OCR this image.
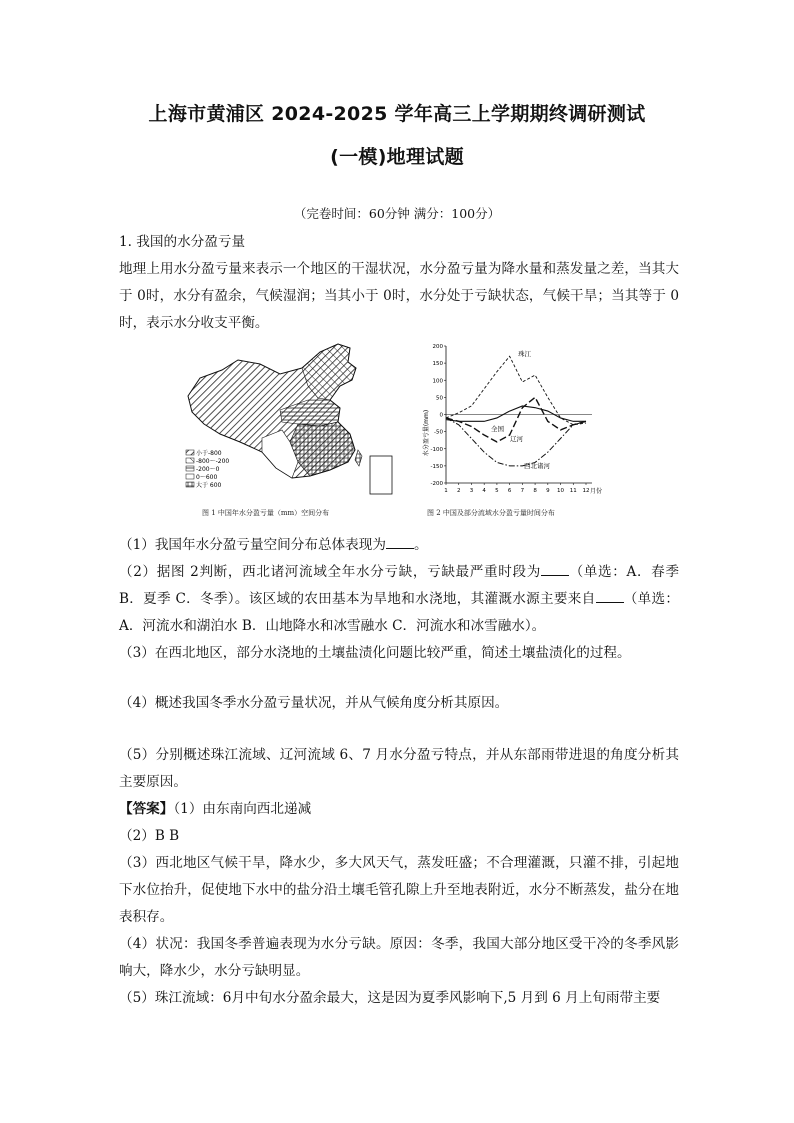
上海市黄浦区 2024-2025 学年高三上学期期终调研测试
(一模)地理试题
（完卷时间：60分钟 满分：100分）

1. 我国的水分盈亏量

地理上用水分盈亏量来表示一个地区的干湿状况，水分盈亏量为降水量和蒸发量之差，当其大于 0时，水分有盈余，气候湿润；当其小于 0时，水分处于亏缺状态，气候干旱；当其等于 0时，表示水分收支平衡。

小于-800
-800～-200
-200～0
0～600
大于 600
图 1 中国年水分盈亏量（mm）空间分布
水分盈亏量(mm)
月份
珠江
全国
辽河
西北诸河
200
150
100
50
0
-50
-100
-150
-200
1 2 3 4 5 6 7 8 9 10 11 12
图 2 中国及部分流域水分盈亏量时间分布

（1）我国年水分盈亏量空间分布总体表现为 。

（2）据图 2判断，西北诸河流域全年水分亏缺，亏缺最严重时段为 （单选：A．春季 B．夏季 C．冬季）。该区域的农田基本为旱地和水浇地，其灌溉水源主要来自 （单选：A．河流水和湖泊水 B．山地降水和冰雪融水 C．河流水和冰雪融水）。

（3）在西北地区，部分水浇地的土壤盐渍化问题比较严重，简述土壤盐渍化的过程。

（4）概述我国冬季水分盈亏量状况，并从气候角度分析其原因。

（5）分别概述珠江流域、辽河流域 6、7 月水分盈亏特点，并从东部雨带进退的角度分析其主要原因。

【答案】（1）由东南向西北递减

（2）B B

（3）西北地区气候干旱，降水少，多大风天气，蒸发旺盛；不合理灌溉，只灌不排，引起地下水位抬升，促使地下水中的盐分沿土壤毛管孔隙上升至地表附近，水分不断蒸发，盐分在地表积存。

（4）状况：我国冬季普遍表现为水分亏缺。原因：冬季，我国大部分地区受干冷的冬季风影响大，降水少，水分亏缺明显。

（5）珠江流域：6月中旬水分盈余最大，这是因为夏季风影响下,5 月到 6 月上旬雨带主要
